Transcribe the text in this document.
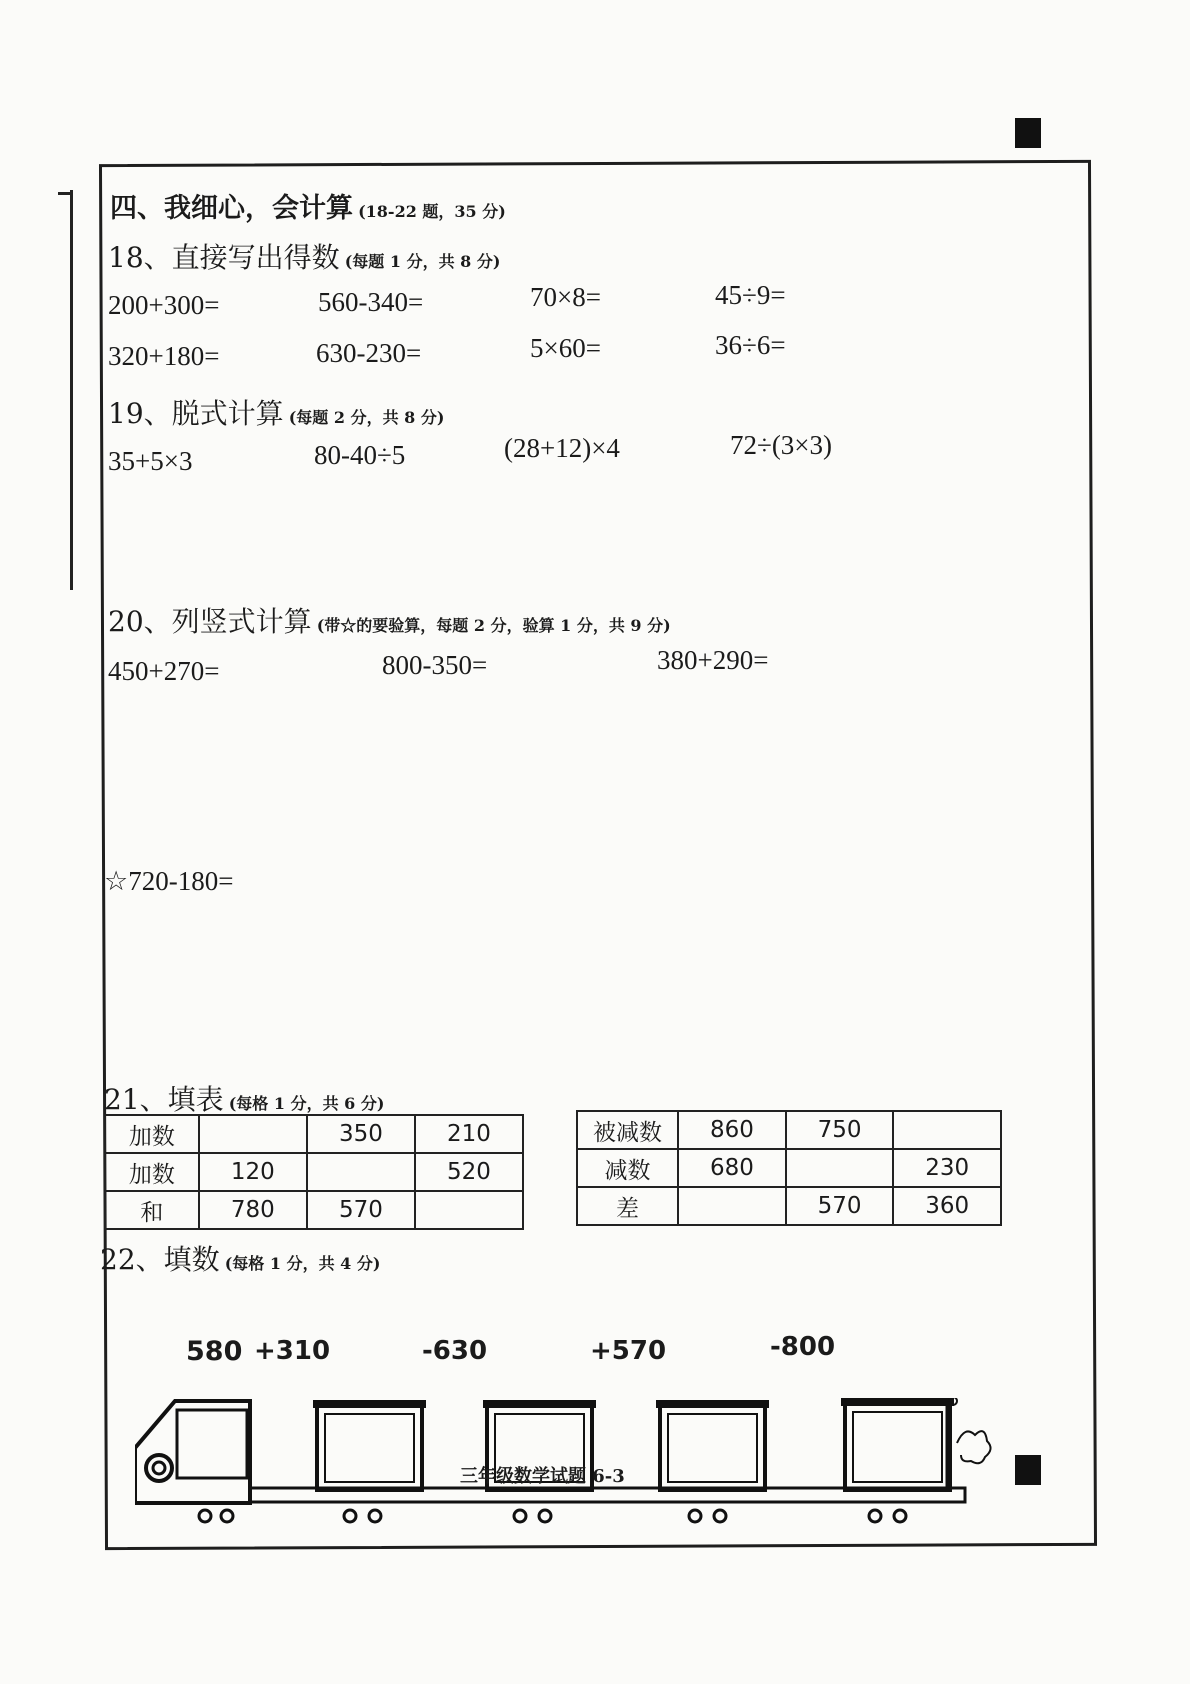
四、我细心，会计算 (18-22 题，35 分)
18、直接写出得数 (每题 1 分，共 8 分)
200+300=	560-340=	70×8=	45÷9=
320+180=	630-230=	5×60=	36÷6=
19、脱式计算 (每题 2 分，共 8 分)
35+5×3	80-40÷5	(28+12)×4	72÷(3×3)
20、列竖式计算 (带☆的要验算，每题 2 分，验算 1 分，共 9 分)
450+270=	800-350=	380+290=
☆720-180=
21、填表 (每格 1 分，共 6 分)
加数		350	210
加数	120		520
和	780	570	
被减数	860	750	
减数	680		230
差		570	360
22、填数 (每格 1 分，共 4 分)
580 +310	-630	+570	-800
三年级数学试题 6-3
